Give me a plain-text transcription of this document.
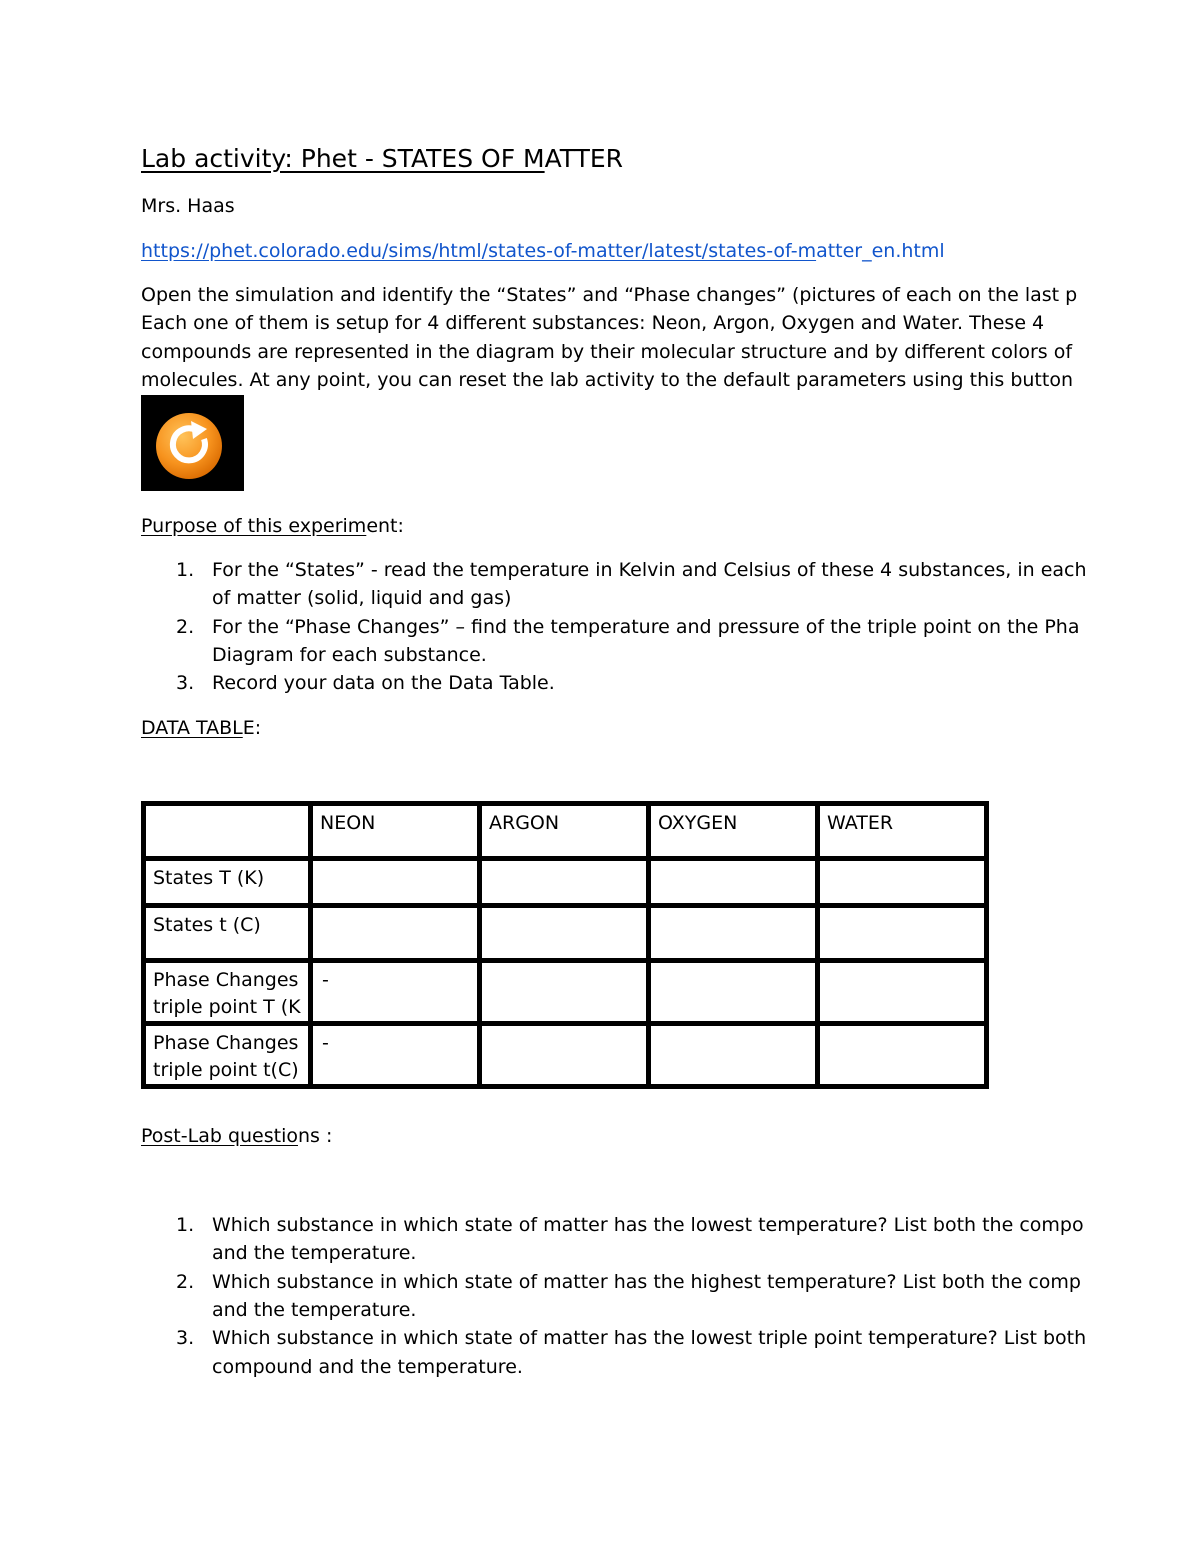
Lab activity: Phet - STATES OF MATTER
Mrs. Haas
https://phet.colorado.edu/sims/html/states-of-matter/latest/states-of-matter_en.html
Open the simulation and identify the “States” and “Phase changes” (pictures of each on the last p
Each one of them is setup for 4 different substances: Neon, Argon, Oxygen and Water. These 4
compounds are represented in the diagram by their molecular structure and by different colors of
molecules. At any point, you can reset the lab activity to the default parameters using this button
Purpose of this experiment:
1. For the “States” - read the temperature in Kelvin and Celsius of these 4 substances, in each
of matter (solid, liquid and gas)
2. For the “Phase Changes” – find the temperature and pressure of the triple point on the Pha
Diagram for each substance.
3. Record your data on the Data Table.
DATA TABLE:
	NEON	ARGON	OXYGEN	WATER
States T (K)				
States t (C)				
Phase Changes
triple point T (K	-			

Phase Changes
triple point t(C)	-			

Post-Lab questions :
1. Which substance in which state of matter has the lowest temperature? List both the compo
and the temperature.
2. Which substance in which state of matter has the highest temperature? List both the comp
and the temperature.
3. Which substance in which state of matter has the lowest triple point temperature? List both
compound and the temperature.
